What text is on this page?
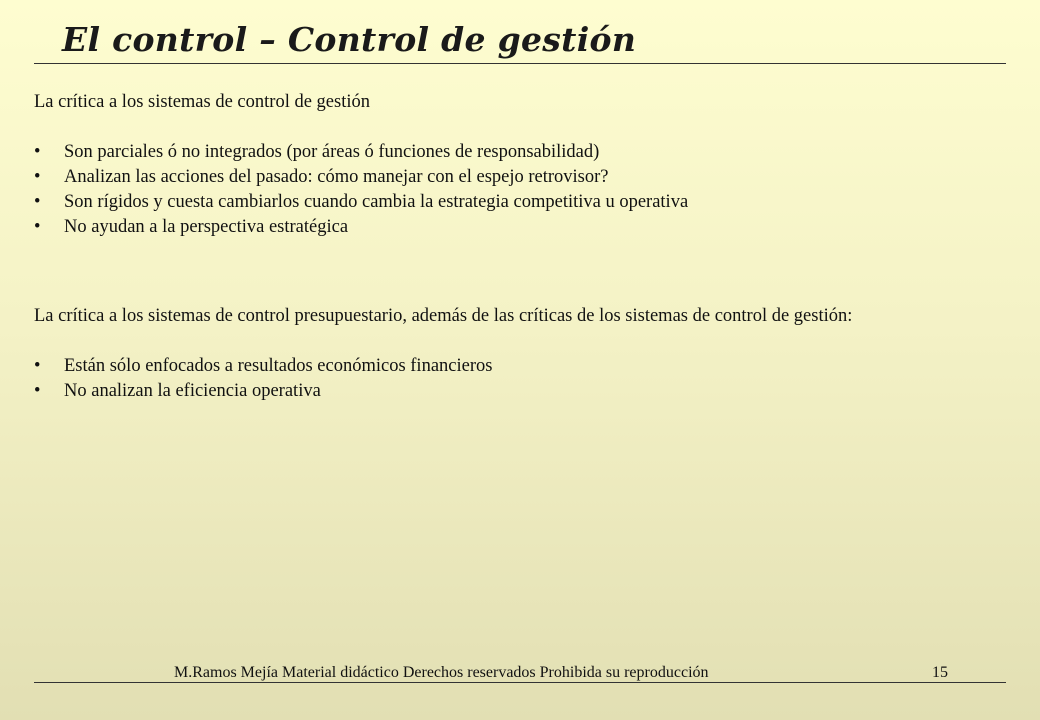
El control – Control de gestión

La crítica a los sistemas de control de gestión

•	Son parciales ó no integrados (por áreas ó funciones de responsabilidad)
•	Analizan las acciones del pasado: cómo manejar con el espejo retrovisor?
•	Son rígidos y cuesta cambiarlos cuando cambia la estrategia competitiva u operativa
•	No ayudan a la perspectiva estratégica

La crítica a los sistemas de control presupuestario, además de las críticas de los sistemas de control de gestión:

•	Están sólo enfocados a resultados económicos financieros
•	No analizan la eficiencia operativa
M.Ramos Mejía Material didáctico Derechos reservados Prohibida su reproducción	15
